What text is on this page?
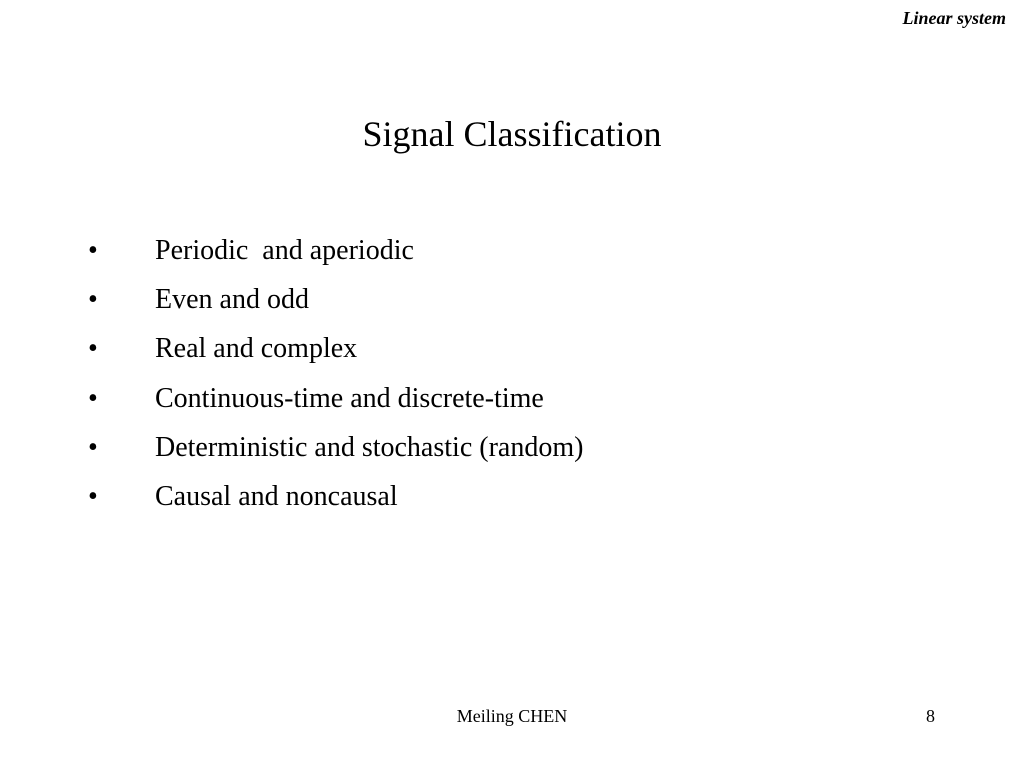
Linear system
Signal Classification
• Periodic  and aperiodic
• Even and odd
• Real and complex
• Continuous-time and discrete-time
• Deterministic and stochastic (random)
• Causal and noncausal
Meiling CHEN	8
